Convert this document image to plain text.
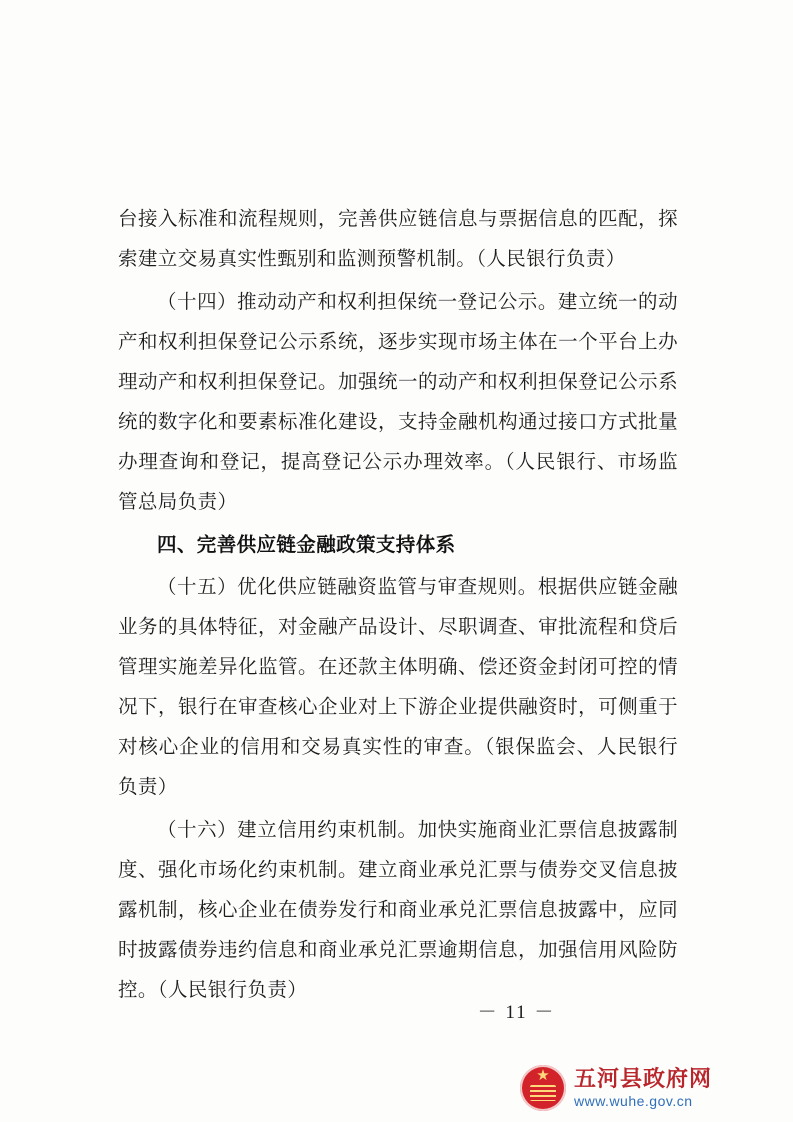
台接入标准和流程规则，完善供应链信息与票据信息的匹配，探索建立交易真实性甄别和监测预警机制。（人民银行负责）

（十四）推动动产和权利担保统一登记公示。建立统一的动产和权利担保登记公示系统，逐步实现市场主体在一个平台上办理动产和权利担保登记。加强统一的动产和权利担保登记公示系统的数字化和要素标准化建设，支持金融机构通过接口方式批量办理查询和登记，提高登记公示办理效率。（人民银行、市场监管总局负责）

四、完善供应链金融政策支持体系

（十五）优化供应链融资监管与审查规则。根据供应链金融业务的具体特征，对金融产品设计、尽职调查、审批流程和贷后管理实施差异化监管。在还款主体明确、偿还资金封闭可控的情况下，银行在审查核心企业对上下游企业提供融资时，可侧重于对核心企业的信用和交易真实性的审查。（银保监会、人民银行负责）

（十六）建立信用约束机制。加快实施商业汇票信息披露制度、强化市场化约束机制。建立商业承兑汇票与债券交叉信息披露机制，核心企业在债券发行和商业承兑汇票信息披露中，应同时披露债券违约信息和商业承兑汇票逾期信息，加强信用风险防控。（人民银行负责）

－ 11 －
★
五河县政府网
www.wuhe.gov.cn
